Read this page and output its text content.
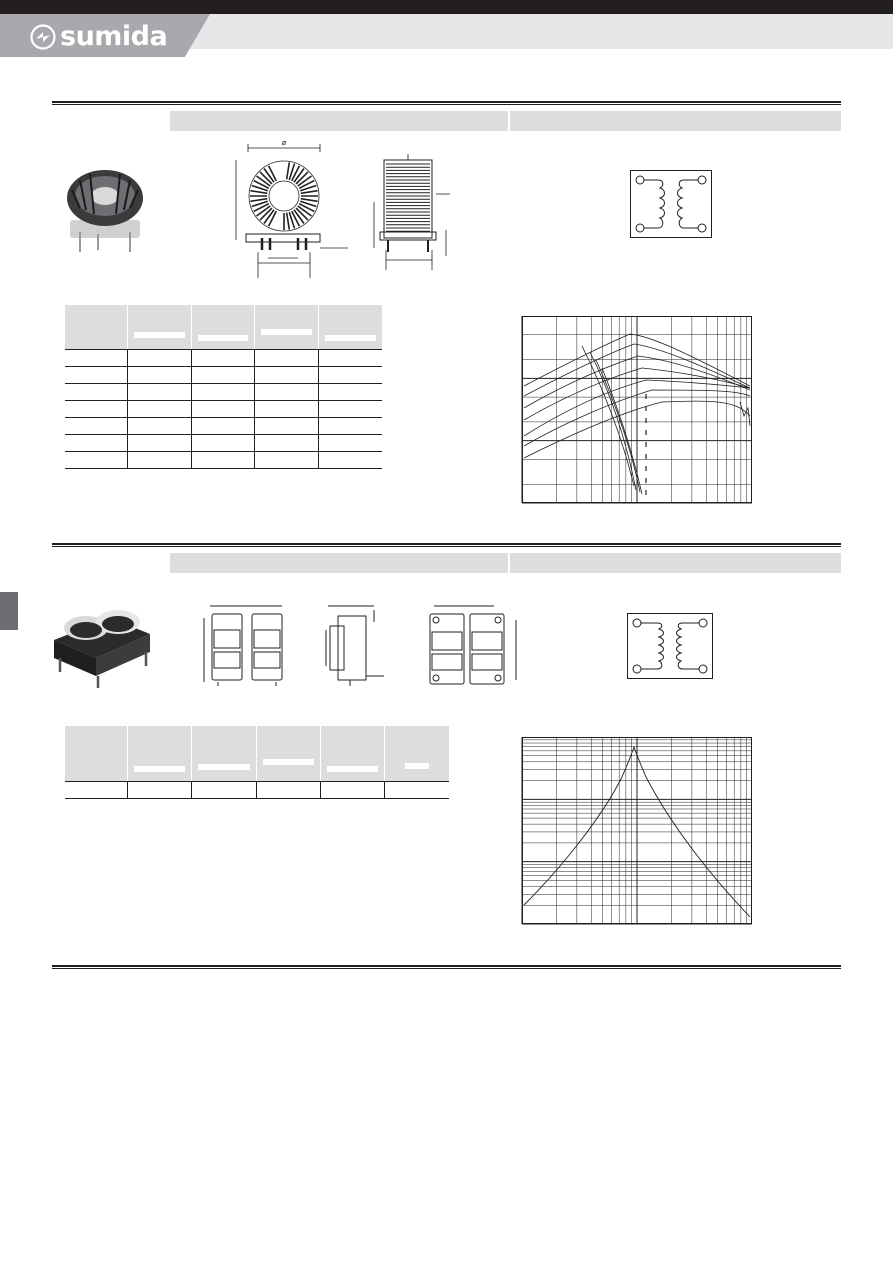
sumida
⌀
